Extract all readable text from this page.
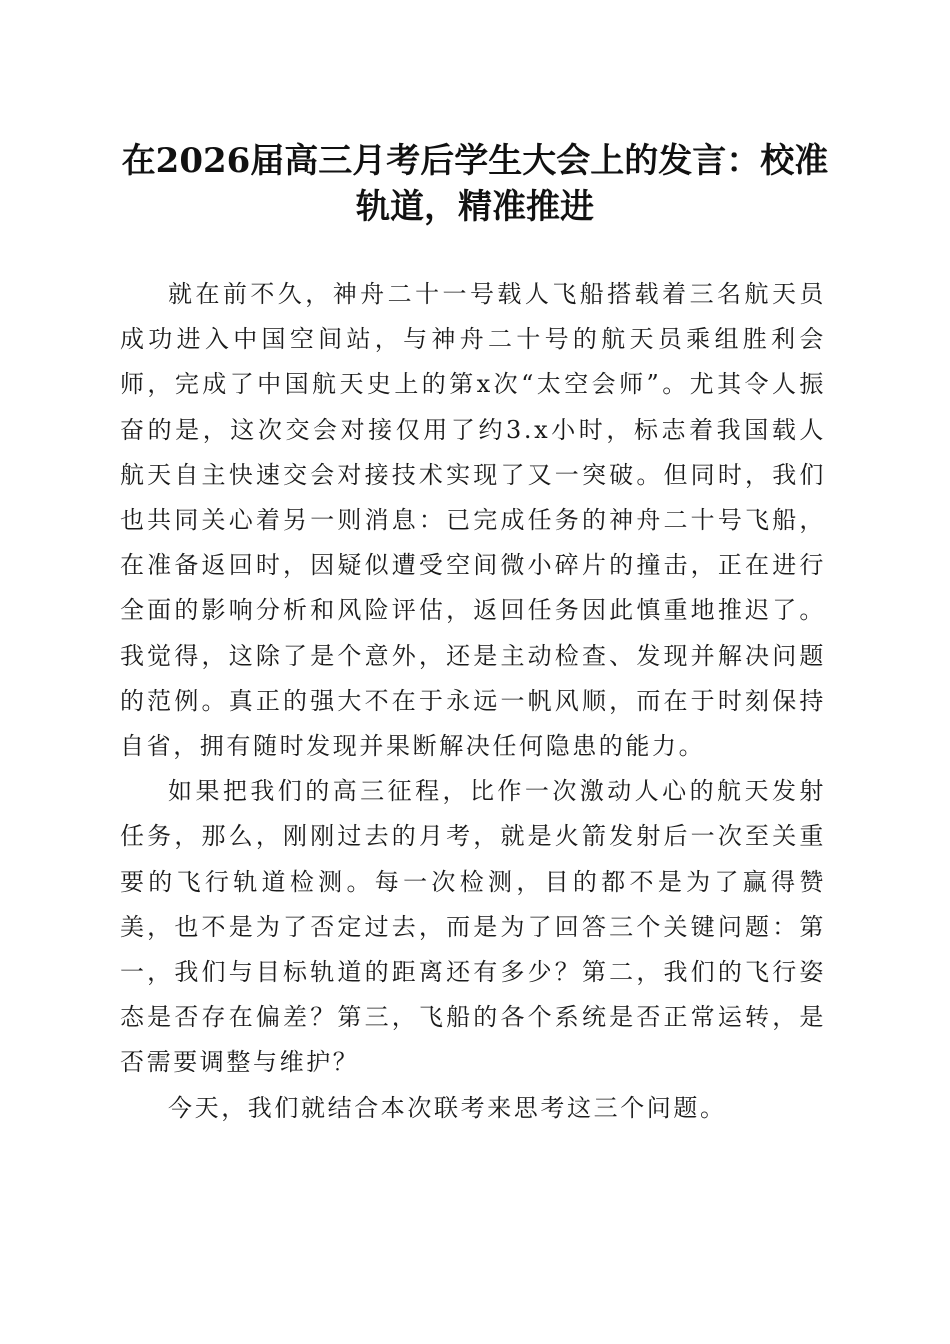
在2026届高三月考后学生大会上的发言：校准轨道，精准推进

就在前不久，神舟二十一号载人飞船搭载着三名航天员成功进入中国空间站，与神舟二十号的航天员乘组胜利会师，完成了中国航天史上的第x次“太空会师”。尤其令人振奋的是，这次交会对接仅用了约3.x小时，标志着我国载人航天自主快速交会对接技术实现了又一突破。但同时，我们也共同关心着另一则消息：已完成任务的神舟二十号飞船，在准备返回时，因疑似遭受空间微小碎片的撞击，正在进行全面的影响分析和风险评估，返回任务因此慎重地推迟了。我觉得，这除了是个意外，还是主动检查、发现并解决问题的范例。真正的强大不在于永远一帆风顺，而在于时刻保持自省，拥有随时发现并果断解决任何隐患的能力。

如果把我们的高三征程，比作一次激动人心的航天发射任务，那么，刚刚过去的月考，就是火箭发射后一次至关重要的飞行轨道检测。每一次检测，目的都不是为了赢得赞美，也不是为了否定过去，而是为了回答三个关键问题：第一，我们与目标轨道的距离还有多少？第二，我们的飞行姿态是否存在偏差？第三，飞船的各个系统是否正常运转，是否需要调整与维护？

今天，我们就结合本次联考来思考这三个问题。
